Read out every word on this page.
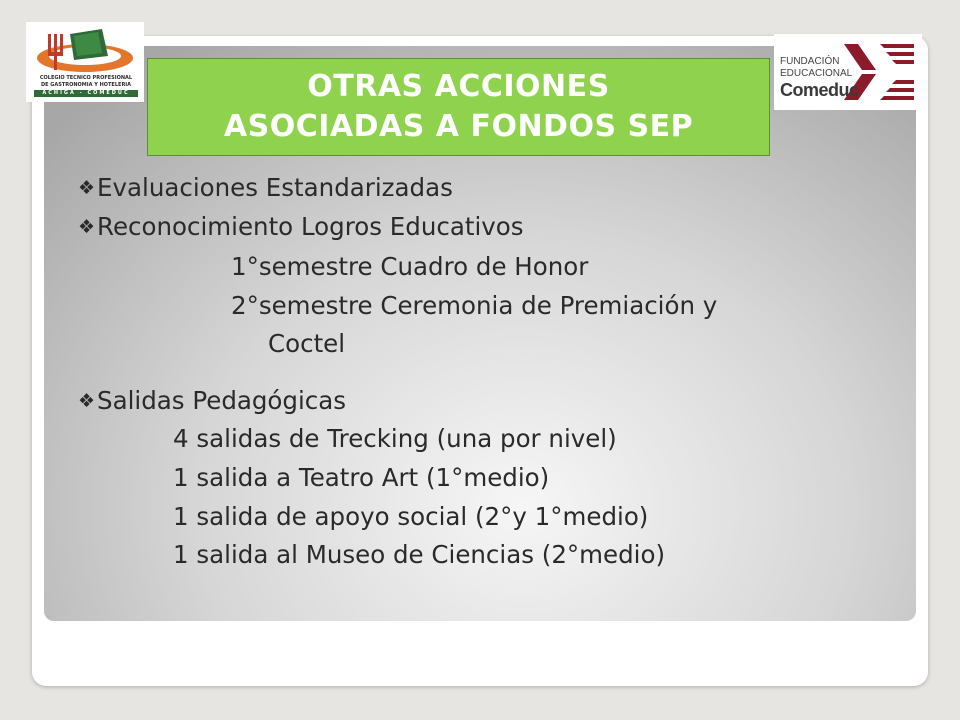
COLEGIO TECNICO PROFESIONAL
DE GASTRONOMIA Y HOTELERIA
ACHIGA - COMEDUC
FUNDACIÓN
EDUCACIONAL
Comeduc
OTRAS ACCIONES
ASOCIADAS A FONDOS SEP
❖Evaluaciones Estandarizadas
❖Reconocimiento Logros Educativos
1°semestre Cuadro de Honor
2°semestre Ceremonia de Premiación y
Coctel
❖Salidas Pedagógicas
4 salidas de Trecking (una por nivel)
1 salida a Teatro Art (1°medio)
1 salida de apoyo social (2°y 1°medio)
1 salida al Museo de Ciencias (2°medio)
